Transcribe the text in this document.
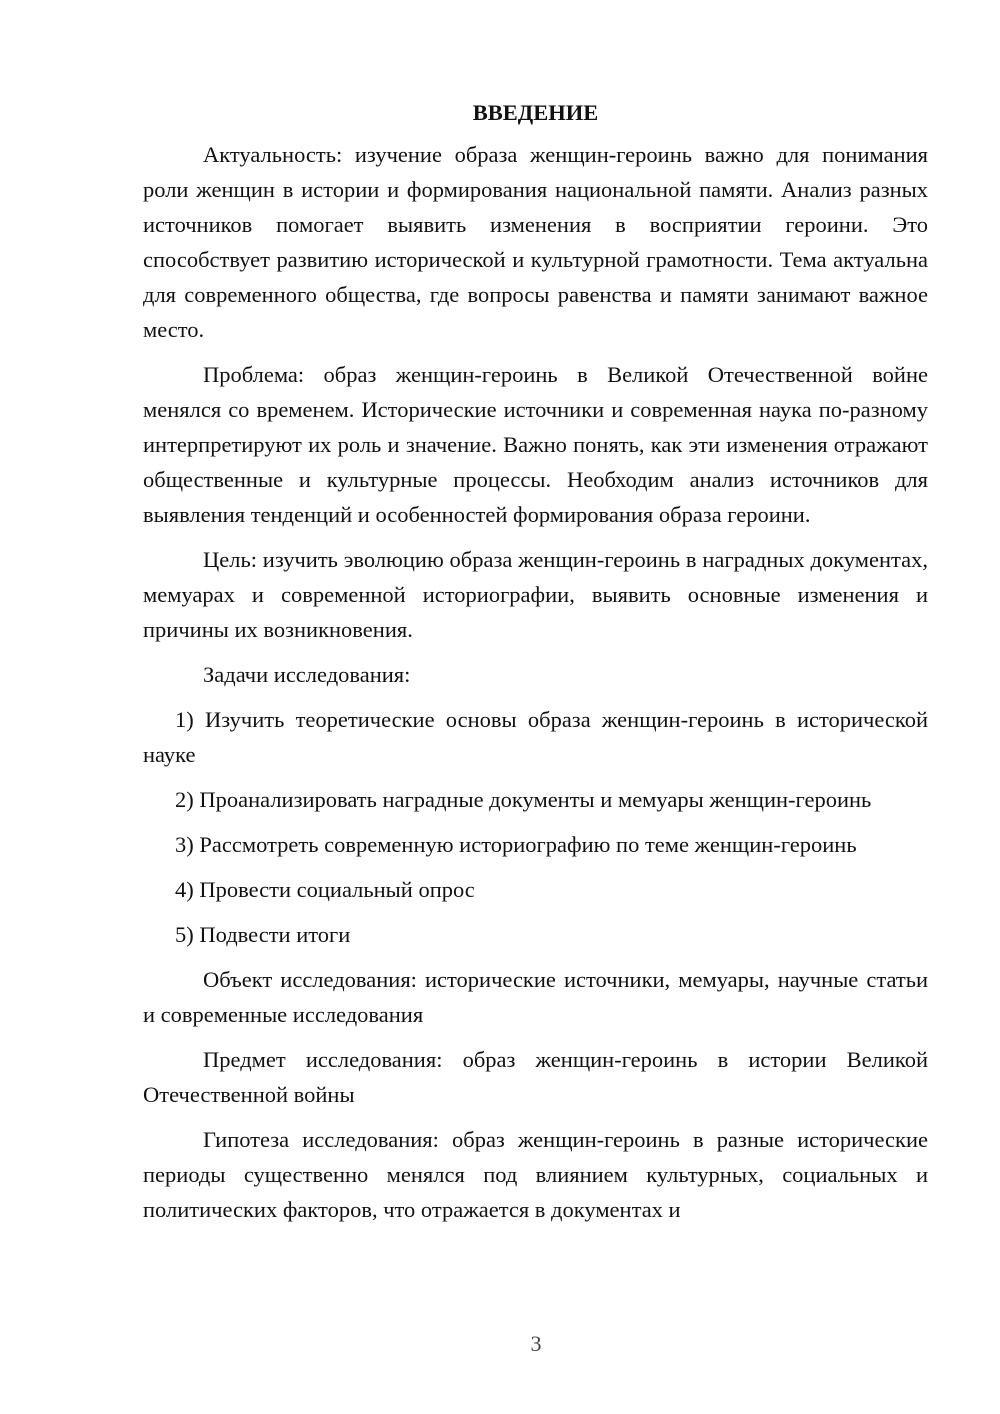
ВВЕДЕНИЕ
Актуальность: изучение образа женщин-героинь важно для понимания роли женщин в истории и формирования национальной памяти. Анализ разных источников помогает выявить изменения в восприятии героини. Это способствует развитию исторической и культурной грамотности. Тема актуальна для современного общества, где вопросы равенства и памяти занимают важное место.
Проблема: образ женщин-героинь в Великой Отечественной войне менялся со временем. Исторические источники и современная наука по-разному интерпретируют их роль и значение. Важно понять, как эти изменения отражают общественные и культурные процессы. Необходим анализ источников для выявления тенденций и особенностей формирования образа героини.
Цель: изучить эволюцию образа женщин-героинь в наградных документах, мемуарах и современной историографии, выявить основные изменения и причины их возникновения.
Задачи исследования:
1) Изучить теоретические основы образа женщин-героинь в исторической науке
2) Проанализировать наградные документы и мемуары женщин-героинь
3) Рассмотреть современную историографию по теме женщин-героинь
4) Провести социальный опрос
5) Подвести итоги
Объект исследования: исторические источники, мемуары, научные статьи и современные исследования
Предмет исследования: образ женщин-героинь в истории Великой Отечественной войны
Гипотеза исследования: образ женщин-героинь в разные исторические периоды существенно менялся под влиянием культурных, социальных и политических факторов, что отражается в документах и
3
